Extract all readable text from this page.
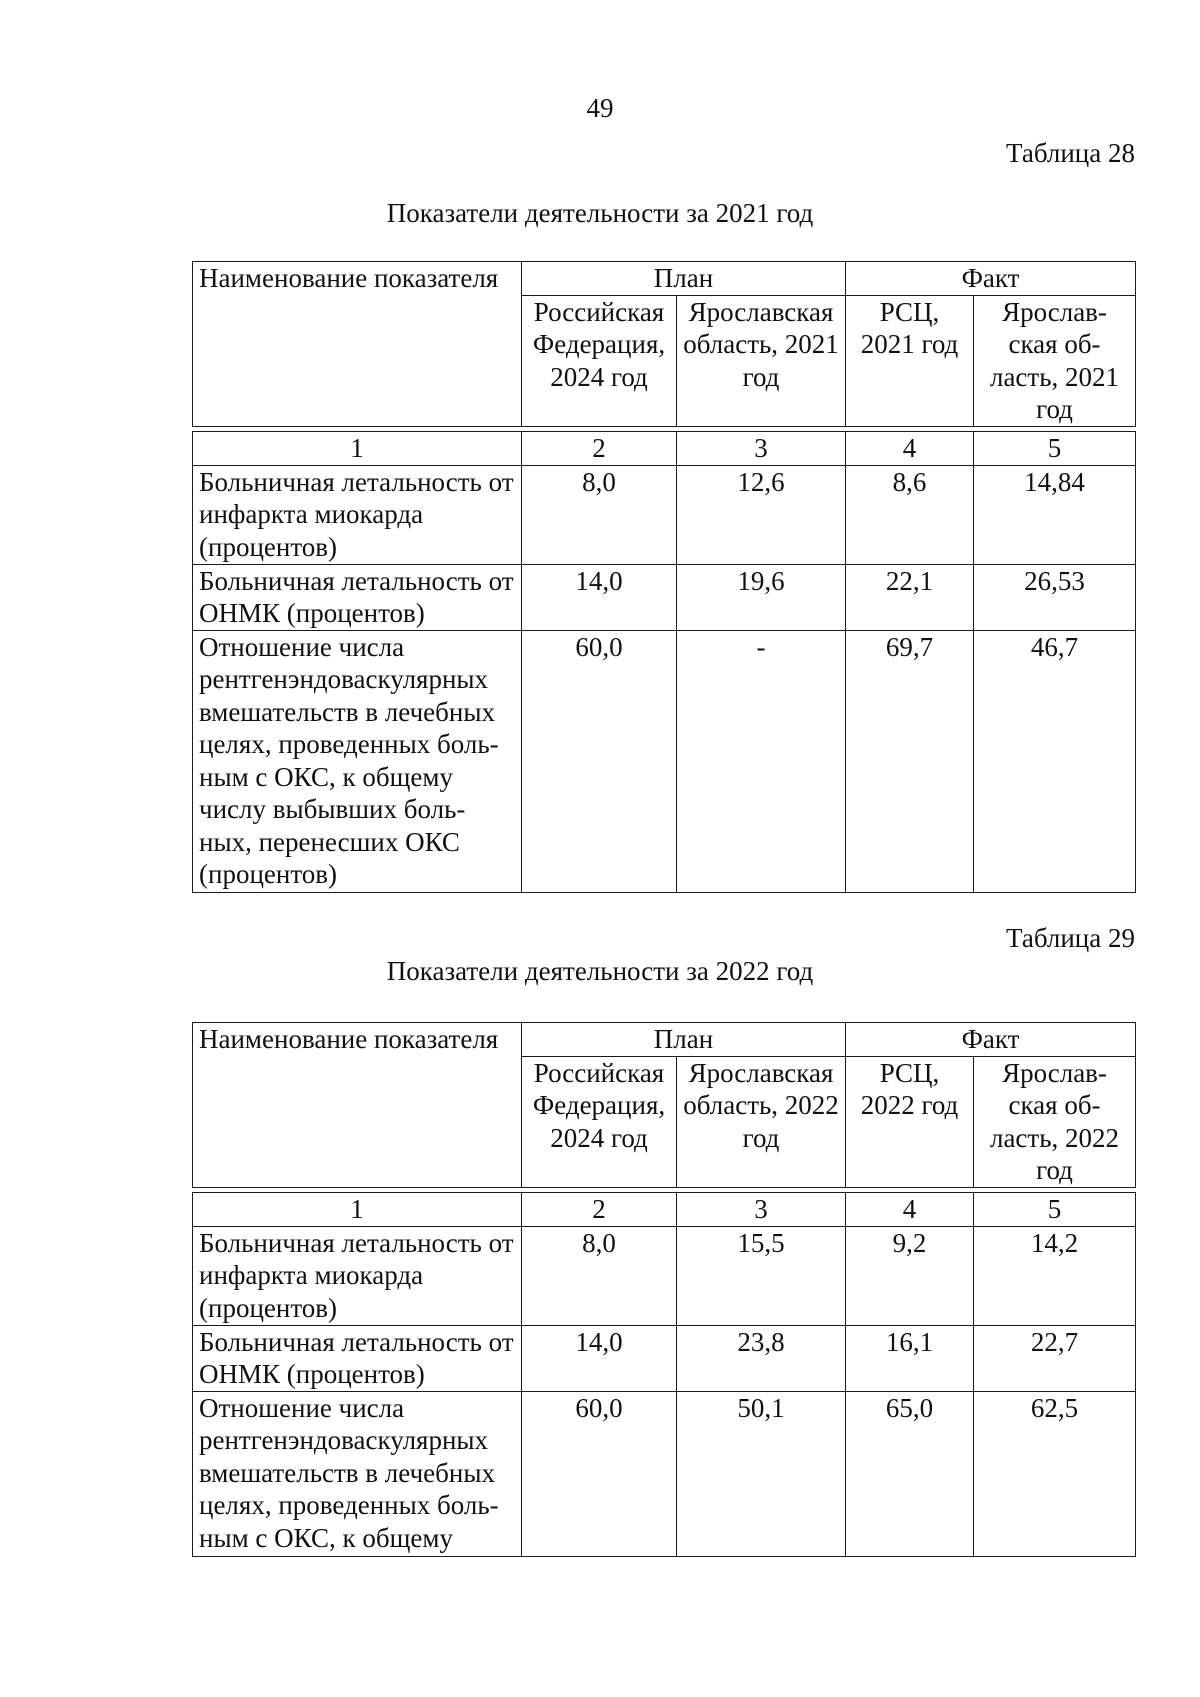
49
Таблица 28
Показатели деятельности за 2021 год
Наименование показателя	План		Факт	
	Российская Федерация, 2024 год	Ярославская область, 2021 год	РСЦ, 2021 год	Ярослав-ская об-ласть, 2021 год
1	2	3	4	5
Больничная летальность от инфаркта миокарда (процентов)	8,0	12,6	8,6	14,84
Больничная летальность от ОНМК (процентов)	14,0	19,6	22,1	26,53
Отношение числа рентгенэндоваскулярных вмешательств в лечебных целях, проведенных боль-ным с ОКС, к общему числу выбывших боль-ных, перенесших ОКС (процентов)	60,0	-	69,7	46,7
Таблица 29
Показатели деятельности за 2022 год
Наименование показателя	План		Факт	
	Российская Федерация, 2024 год	Ярославская область, 2022 год	РСЦ, 2022 год	Ярослав-ская об-ласть, 2022 год
1	2	3	4	5
Больничная летальность от инфаркта миокарда (процентов)	8,0	15,5	9,2	14,2
Больничная летальность от ОНМК (процентов)	14,0	23,8	16,1	22,7
Отношение числа рентгенэндоваскулярных вмешательств в лечебных целях, проведенных боль-ным с ОКС, к общему	60,0	50,1	65,0	62,5
